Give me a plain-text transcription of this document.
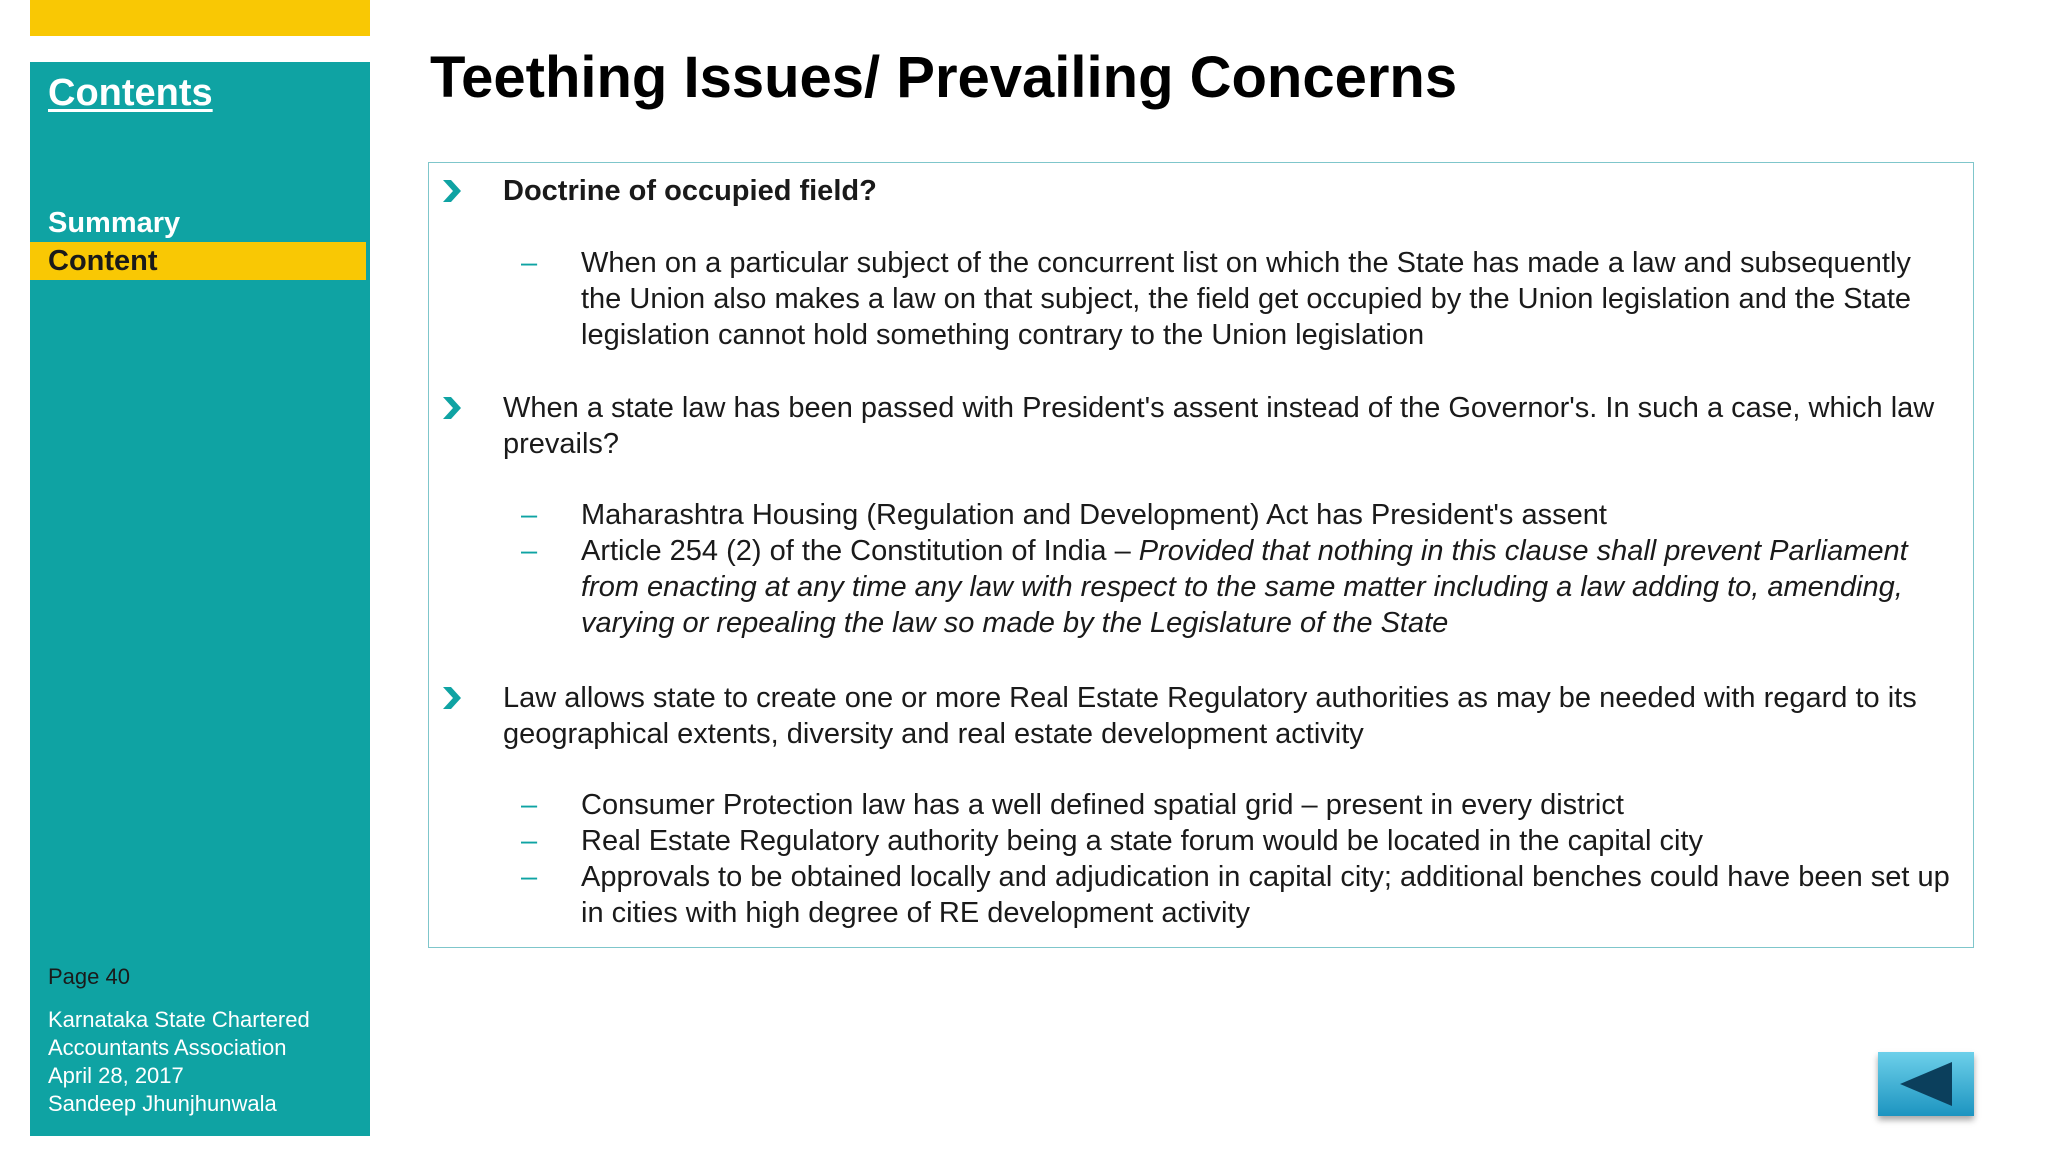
Contents
Summary
Content
Page 40
Karnataka State Chartered
Accountants Association
April 28, 2017
Sandeep Jhunjhunwala
Teething Issues/ Prevailing Concerns
Doctrine of occupied field?
– When on a particular subject of the concurrent list on which the State has made a law and subsequently the Union also makes a law on that subject, the field get occupied by the Union legislation and the State legislation cannot hold something contrary to the Union legislation
When a state law has been passed with President's assent instead of the Governor's. In such a case, which law prevails?
– Maharashtra Housing (Regulation and Development) Act has President's assent
– Article 254 (2) of the Constitution of India – Provided that nothing in this clause shall prevent Parliament from enacting at any time any law with respect to the same matter including a law adding to, amending, varying or repealing the law so made by the Legislature of the State
Law allows state to create one or more Real Estate Regulatory authorities as may be needed with regard to its geographical extents, diversity and real estate development activity
– Consumer Protection law has a well defined spatial grid – present in every district
– Real Estate Regulatory authority being a state forum would be located in the capital city
– Approvals to be obtained locally and adjudication in capital city; additional benches could have been set up in cities with high degree of RE development activity
